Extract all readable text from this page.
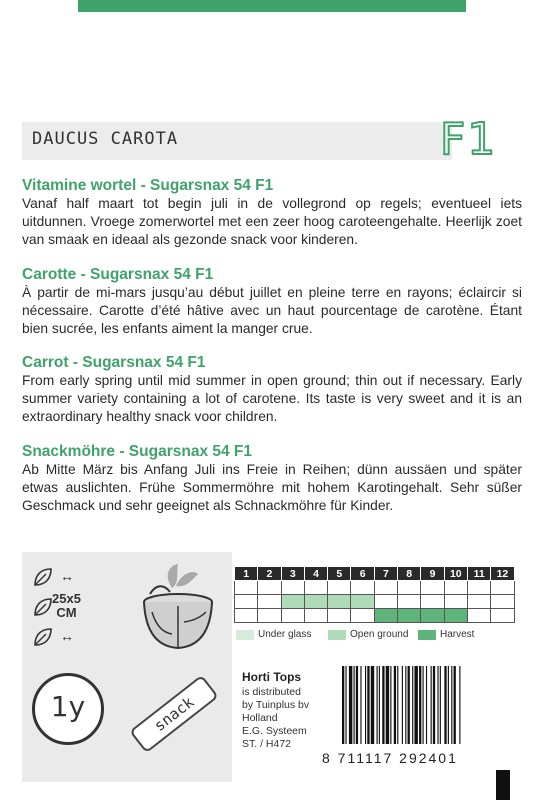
DAUCUS CAROTA	F1
Vitamine wortel - Sugarsnax 54 F1

Vanaf half maart tot begin juli in de vollegrond op regels; eventueel iets uitdunnen. Vroege zomerwortel met een zeer hoog caroteengehalte. Heerlijk zoet van smaak en ideaal als gezonde snack voor kinderen.

Carotte - Sugarsnax 54 F1

À partir de mi-mars jusqu’au début juillet en pleine terre en rayons; éclaircir si nécessaire. Carotte d’été hâtive avec un haut pourcentage de carotène. Étant bien sucrée, les enfants aiment la manger crue.

Carrot - Sugarsnax 54 F1

From early spring until mid summer in open ground; thin out if necessary. Early summer variety containing a lot of carotene. Its taste is very sweet and it is an extraordinary healthy snack voor children.

Snackmöhre - Sugarsnax 54 F1

Ab Mitte März bis Anfang Juli ins Freie in Reihen; dünn aussäen und später etwas auslichten. Frühe Sommermöhre mit hohem Karotingehalt. Sehr süßer Geschmack und sehr geeignet als Schnackmöhre für Kinder.

↔
↔
25x5
CM
1y	snack
1	2	3	4	5	6	7	8	9	10	11	12

Under glass	Open ground	Harvest
Horti Tops
is distributed
by Tuinplus bv
Holland
E.G. Systeem
ST. / H472
8 711117 292401
